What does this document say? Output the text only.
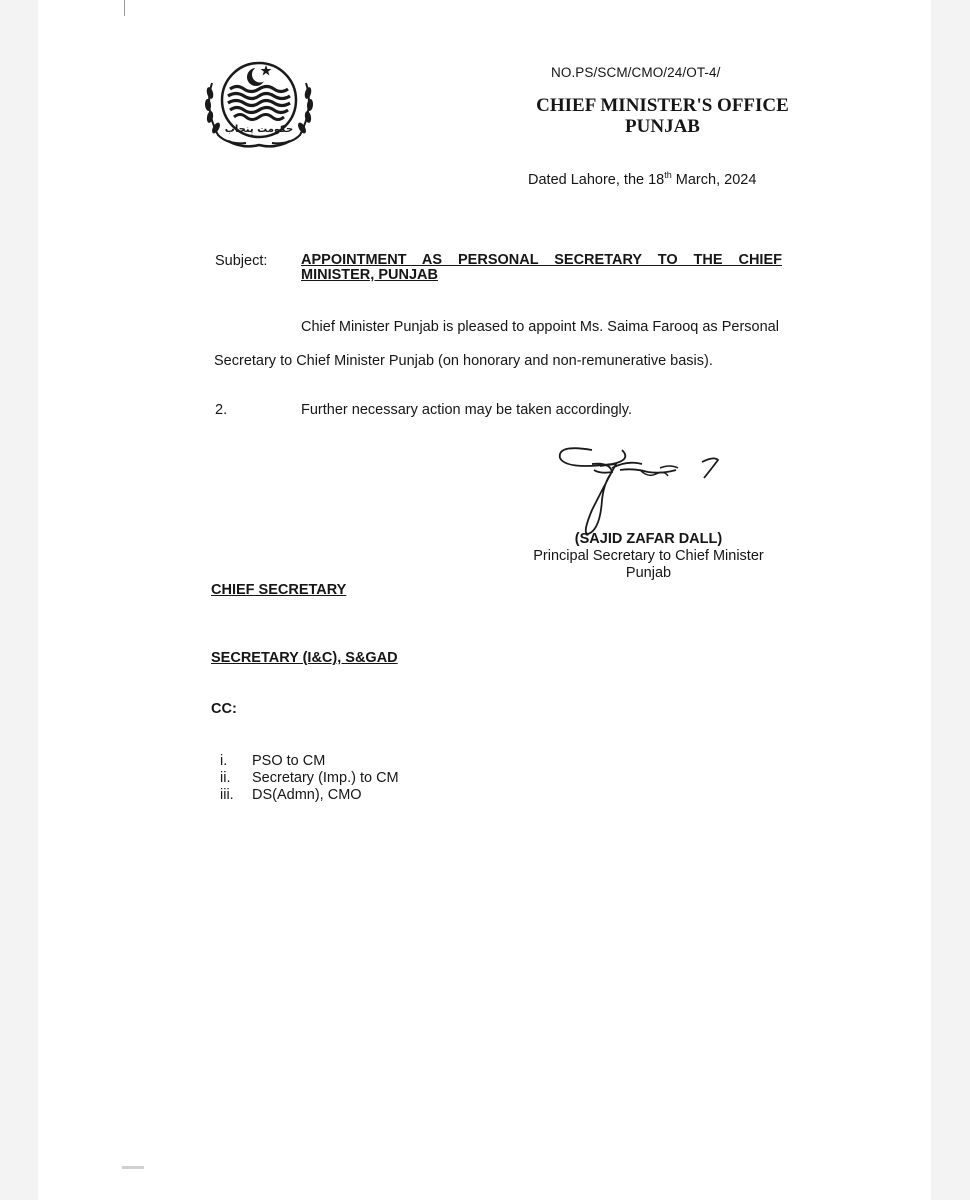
حکومت پنجاب
NO.PS/SCM/CMO/24/OT-4/
CHIEF MINISTER'S OFFICE
PUNJAB
Dated Lahore, the 18th March, 2024
Subject: APPOINTMENT AS PERSONAL SECRETARY TO THE CHIEF MINISTER, PUNJAB
Chief Minister Punjab is pleased to appoint Ms. Saima Farooq as Personal
Secretary to Chief Minister Punjab (on honorary and non-remunerative basis).
2.	Further necessary action may be taken accordingly.
(SAJID ZAFAR DALL)
Principal Secretary to Chief Minister
Punjab
CHIEF SECRETARY
SECRETARY (I&C), S&GAD
CC:
i.	PSO to CM
ii.	Secretary (Imp.) to CM
iii.	DS(Admn), CMO
